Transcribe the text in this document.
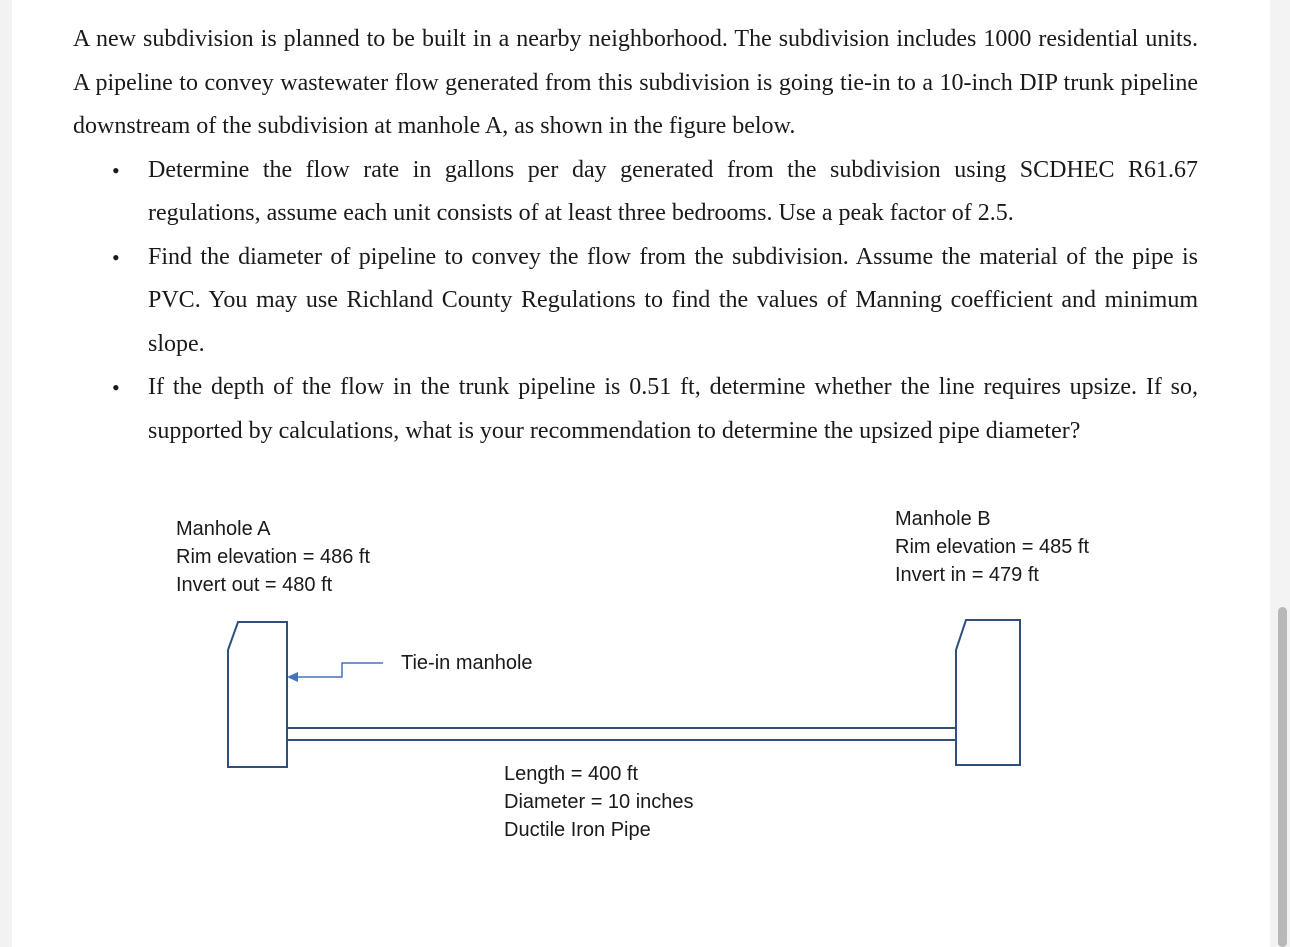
A new subdivision is planned to be built in a nearby neighborhood. The subdivision includes 1000 residential units. A pipeline to convey wastewater flow generated from this subdivision is going tie-in to a 10-inch DIP trunk pipeline downstream of the subdivision at manhole A, as shown in the figure below.

• Determine the flow rate in gallons per day generated from the subdivision using SCDHEC R61.67 regulations, assume each unit consists of at least three bedrooms. Use a peak factor of 2.5.
• Find the diameter of pipeline to convey the flow from the subdivision. Assume the material of the pipe is PVC. You may use Richland County Regulations to find the values of Manning coefficient and minimum slope.
• If the depth of the flow in the trunk pipeline is 0.51 ft, determine whether the line requires upsize. If so, supported by calculations, what is your recommendation to determine the upsized pipe diameter?
Manhole A
Rim elevation = 486 ft
Invert out = 480 ft
Manhole B
Rim elevation = 485 ft
Invert in = 479 ft
Tie-in manhole
Length = 400 ft
Diameter = 10 inches
Ductile Iron Pipe
